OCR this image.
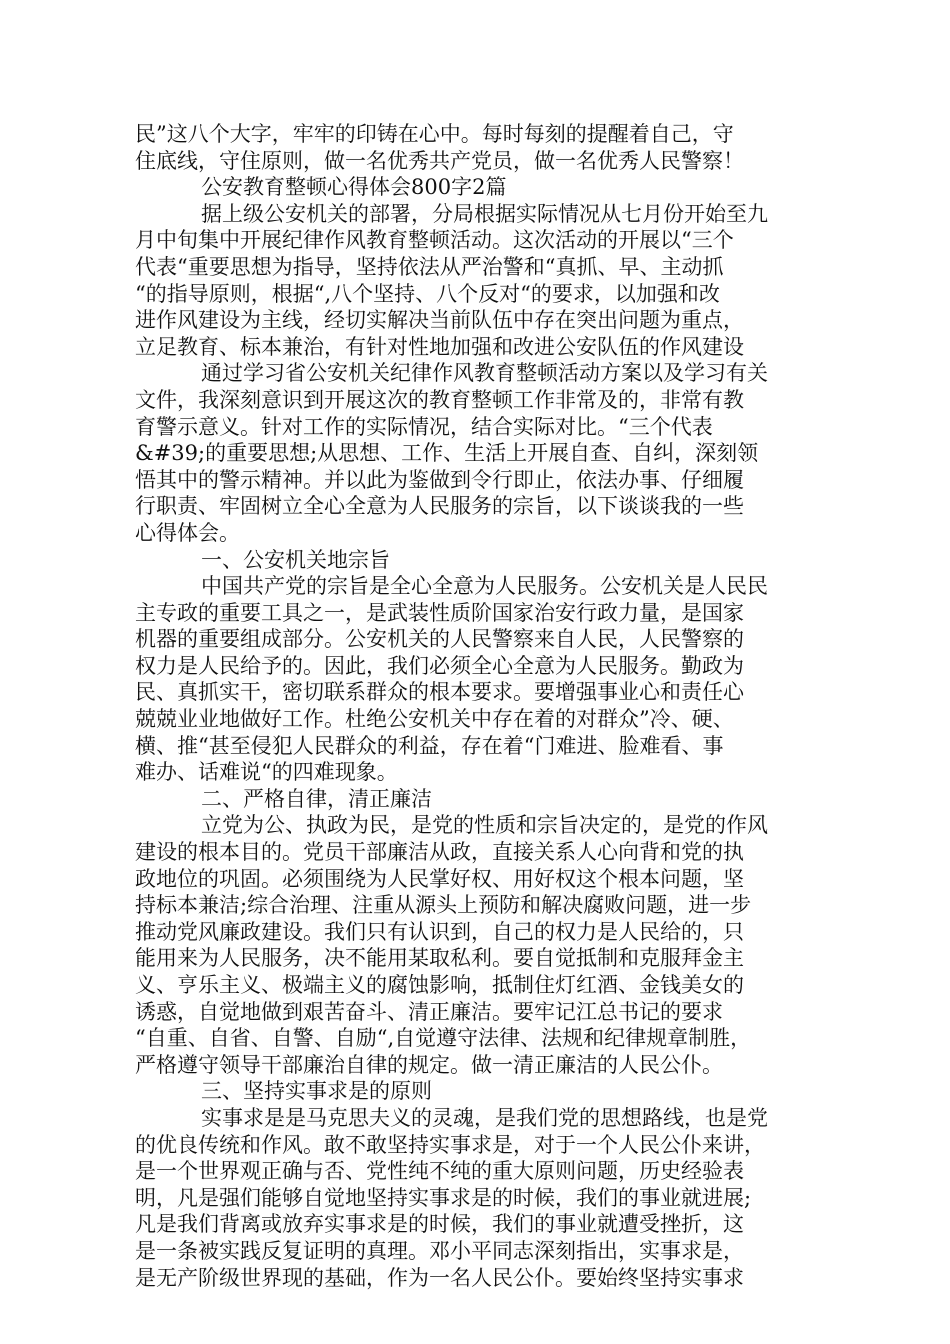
民”这八个大字，牢牢的印铸在心中。每时每刻的提醒着自己，守
住底线，守住原则，做一名优秀共产党员，做一名优秀人民警察！
公安教育整顿心得体会800字2篇
据上级公安机关的部署，分局根据实际情况从七月份开始至九
月中旬集中开展纪律作风教育整顿活动。这次活动的开展以“三个
代表“重要思想为指导，坚持依法从严治警和“真抓、早、主动抓
“的指导原则，根据“,八个坚持、八个反对“的要求，以加强和改
进作风建设为主线，经切实解决当前队伍中存在突出问题为重点，
立足教育、标本兼治，有针对性地加强和改进公安队伍的作风建设
通过学习省公安机关纪律作风教育整顿活动方案以及学习有关
文件，我深刻意识到开展这次的教育整顿工作非常及的，非常有教
育警示意义。针对工作的实际情况，结合实际对比。“三个代表
&#39;的重要思想;从思想、工作、生活上开展自查、自纠，深刻领
悟其中的警示精神。并以此为鉴做到令行即止，依法办事、仔细履
行职责、牢固树立全心全意为人民服务的宗旨，以下谈谈我的一些
心得体会。
一、公安机关地宗旨
中国共产党的宗旨是全心全意为人民服务。公安机关是人民民
主专政的重要工具之一，是武装性质阶国家治安行政力量，是国家
机器的重要组成部分。公安机关的人民警察来自人民，人民警察的
权力是人民给予的。因此，我们必须全心全意为人民服务。勤政为
民、真抓实干，密切联系群众的根本要求。要增强事业心和责任心
兢兢业业地做好工作。杜绝公安机关中存在着的对群众”冷、硬、
横、推“甚至侵犯人民群众的利益，存在着“门难进、脸难看、事
难办、话难说“的四难现象。
二、严格自律，清正廉洁
立党为公、执政为民，是党的性质和宗旨决定的，是党的作风
建设的根本目的。党员干部廉洁从政，直接关系人心向背和党的执
政地位的巩固。必须围绕为人民掌好权、用好权这个根本问题，坚
持标本兼洁;综合治理、注重从源头上预防和解决腐败问题，进一步
推动党风廉政建设。我们只有认识到，自己的权力是人民给的，只
能用来为人民服务，决不能用某取私利。要自觉抵制和克服拜金主
义、亨乐主义、极端主义的腐蚀影响，抵制住灯红酒、金钱美女的
诱惑，自觉地做到艰苦奋斗、清正廉洁。要牢记江总书记的要求
“自重、自省、自警、自励“,自觉遵守法律、法规和纪律规章制胜，
严格遵守领导干部廉治自律的规定。做一清正廉洁的人民公仆。
三、坚持实事求是的原则
实事求是是马克思夫义的灵魂，是我们党的思想路线，也是党
的优良传统和作风。敢不敢坚持实事求是，对于一个人民公仆来讲，
是一个世界观正确与否、党性纯不纯的重大原则问题，历史经验表
明，凡是强们能够自觉地坚持实事求是的时候，我们的事业就进展;
凡是我们背离或放弃实事求是的时候，我们的事业就遭受挫折，这
是一条被实践反复证明的真理。邓小平同志深刻指出，实事求是，
是无产阶级世界现的基础，作为一名人民公仆。要始终坚持实事求
